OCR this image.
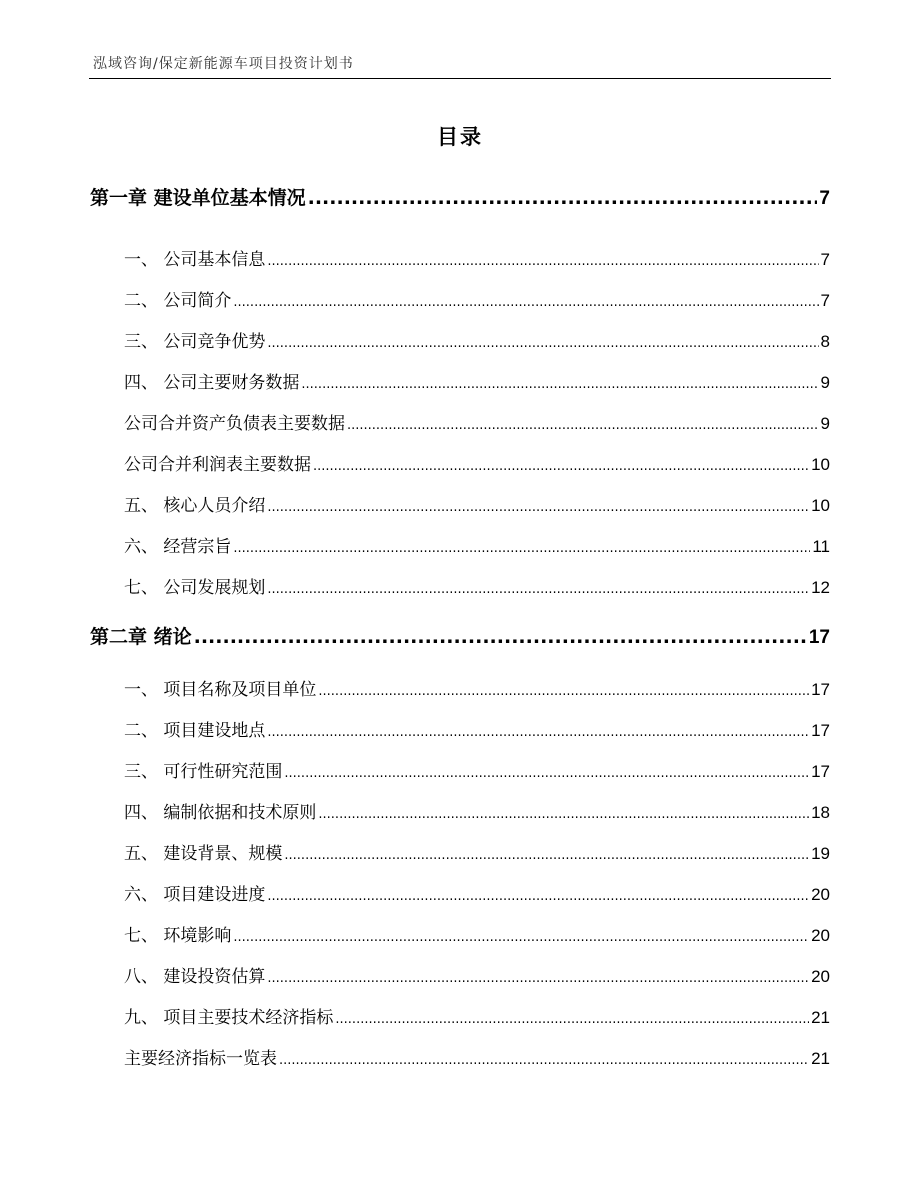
泓域咨询/保定新能源车项目投资计划书
目录
第一章 建设单位基本情况 .....	7
一、 公司基本信息 .....	7
二、 公司简介 .....	7
三、 公司竞争优势 .....	8
四、 公司主要财务数据 .....	9
公司合并资产负债表主要数据 .....	9
公司合并利润表主要数据 .....	10
五、 核心人员介绍 .....	10
六、 经营宗旨 .....	11
七、 公司发展规划 .....	12
第二章 绪论 .....	17
一、 项目名称及项目单位 .....	17
二、 项目建设地点 .....	17
三、 可行性研究范围 .....	17
四、 编制依据和技术原则 .....	18
五、 建设背景、规模 .....	19
六、 项目建设进度 .....	20
七、 环境影响 .....	20
八、 建设投资估算 .....	20
九、 项目主要技术经济指标 .....	21
主要经济指标一览表 .....	21
